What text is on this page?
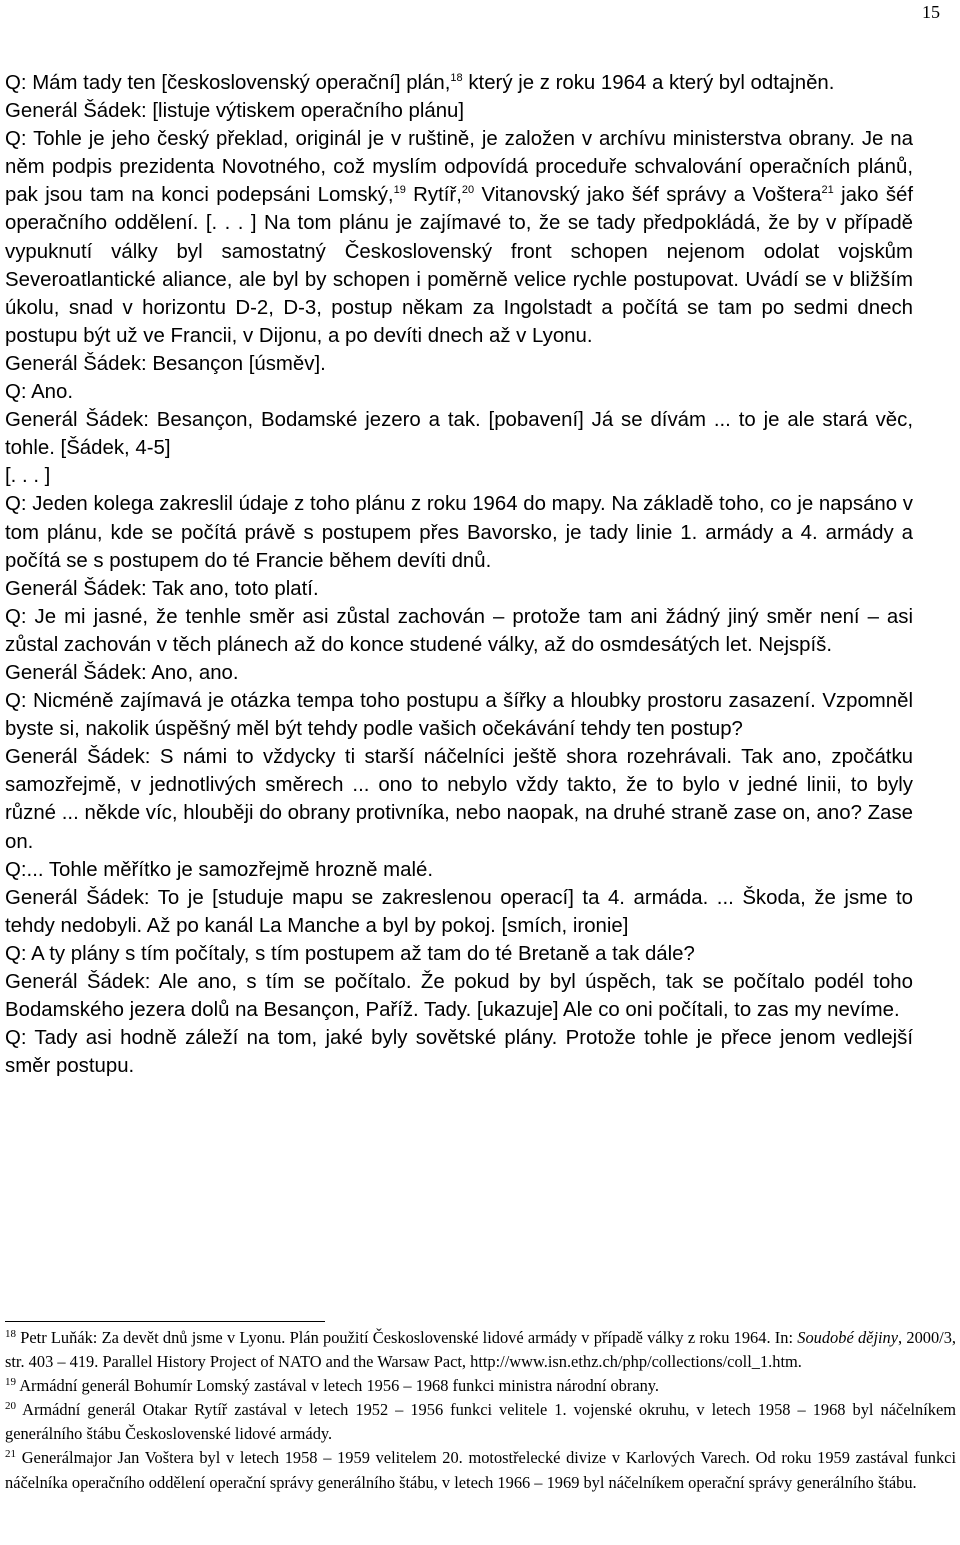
15

Q: Mám tady ten [československý operační] plán,$^{18}$ který je z roku 1964 a který byl odtajněn.

Generál Šádek: [listuje výtiskem operačního plánu]

Q: Tohle je jeho český překlad, originál je v ruštině, je založen v archívu ministerstva obrany. Je na něm podpis prezidenta Novotného, což myslím odpovídá proceduře schvalování operačních plánů, pak jsou tam na konci podepsáni Lomský,$^{19}$ Rytíř,$^{20}$ Vitanovský jako šéf správy a Voštera$^{21}$ jako šéf operačního oddělení. [. . . ] Na tom plánu je zajímavé to, že se tady předpokládá, že by v případě vypuknutí války byl samostatný Československý front schopen nejenom odolat vojskům Severoatlantické aliance, ale byl by schopen i poměrně velice rychle postupovat. Uvádí se v bližším úkolu, snad v horizontu D-2, D-3, postup někam za Ingolstadt a počítá se tam po sedmi dnech postupu být už ve Francii, v Dijonu, a po devíti dnech až v Lyonu.

Generál Šádek: Besançon [úsměv].

Q: Ano.

Generál Šádek: Besançon, Bodamské jezero a tak. [pobavení] Já se dívám ... to je ale stará věc, tohle. [Šádek, 4-5]

[. . . ]

Q: Jeden kolega zakreslil údaje z toho plánu z roku 1964 do mapy. Na základě toho, co je napsáno v tom plánu, kde se počítá právě s postupem přes Bavorsko, je tady linie 1. armády a 4. armády a počítá se s postupem do té Francie během devíti dnů.

Generál Šádek: Tak ano, toto platí.

Q: Je mi jasné, že tenhle směr asi zůstal zachován – protože tam ani žádný jiný směr není – asi zůstal zachován v těch plánech až do konce studené války, až do osmdesátých let. Nejspíš.

Generál Šádek: Ano, ano.

Q: Nicméně zajímavá je otázka tempa toho postupu a šířky a hloubky prostoru zasazení. Vzpomněl byste si, nakolik úspěšný měl být tehdy podle vašich očekávání tehdy ten postup?

Generál Šádek: S námi to vždycky ti starší náčelníci ještě shora rozehrávali. Tak ano, zpočátku samozřejmě, v jednotlivých směrech ... ono to nebylo vždy takto, že to bylo v jedné linii, to byly různé ... někde víc, hlouběji do obrany protivníka, nebo naopak, na druhé straně zase on, ano? Zase on.

Q:... Tohle měřítko je samozřejmě hrozně malé.

Generál Šádek: To je [studuje mapu se zakreslenou operací] ta 4. armáda. ... Škoda, že jsme to tehdy nedobyli. Až po kanál La Manche a byl by pokoj. [smích, ironie]

Q: A ty plány s tím počítaly, s tím postupem až tam do té Bretaně a tak dále?

Generál Šádek: Ale ano, s tím se počítalo. Že pokud by byl úspěch, tak se počítalo podél toho Bodamského jezera dolů na Besançon, Paříž. Tady. [ukazuje] Ale co oni počítali, to zas my nevíme.

Q: Tady asi hodně záleží na tom, jaké byly sovětské plány. Protože tohle je přece jenom vedlejší směr postupu.

$^{18}$ Petr Luňák: Za devět dnů jsme v Lyonu. Plán použití Československé lidové armády v případě války z roku 1964. In: Soudobé dějiny, 2000/3, str. 403 – 419. Parallel History Project of NATO and the Warsaw Pact, http://www.isn.ethz.ch/php/collections/coll_1.htm.

$^{19}$ Armádní generál Bohumír Lomský zastával v letech 1956 – 1968 funkci ministra národní obrany.

$^{20}$ Armádní generál Otakar Rytíř zastával v letech 1952 – 1956 funkci velitele 1. vojenské okruhu, v letech 1958 – 1968 byl náčelníkem generálního štábu Československé lidové armády.

$^{21}$ Generálmajor Jan Voštera byl v letech 1958 – 1959 velitelem 20. motostřelecké divize v Karlových Varech. Od roku 1959 zastával funkci náčelníka operačního oddělení operační správy generálního štábu, v letech 1966 – 1969 byl náčelníkem operační správy generálního štábu.
